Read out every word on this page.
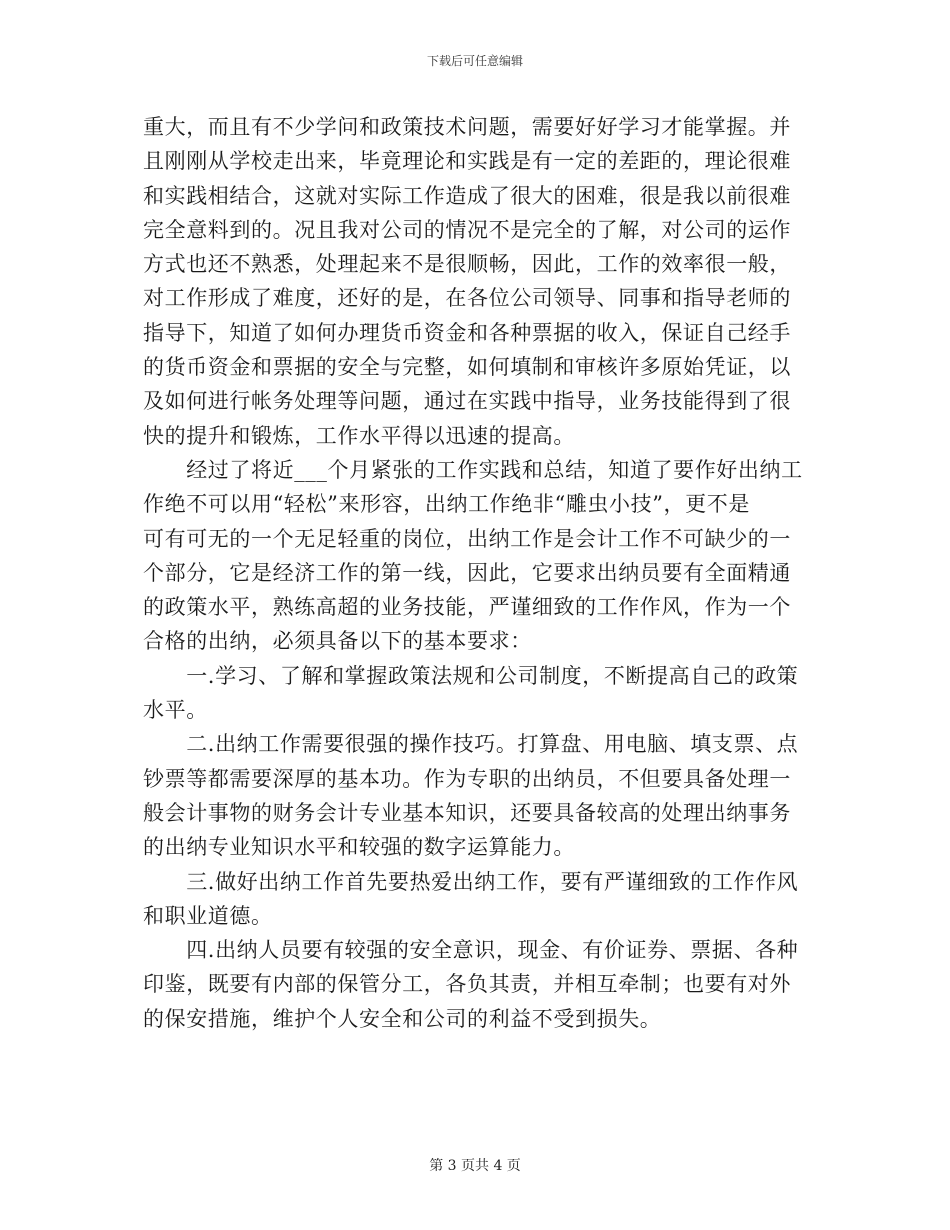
下载后可任意编辑
重大，而且有不少学问和政策技术问题，需要好好学习才能掌握。并
且刚刚从学校走出来，毕竟理论和实践是有一定的差距的，理论很难
和实践相结合，这就对实际工作造成了很大的困难，很是我以前很难
完全意料到的。况且我对公司的情况不是完全的了解，对公司的运作
方式也还不熟悉，处理起来不是很顺畅，因此，工作的效率很一般，
对工作形成了难度，还好的是，在各位公司领导、同事和指导老师的
指导下，知道了如何办理货币资金和各种票据的收入，保证自己经手
的货币资金和票据的安全与完整，如何填制和审核许多原始凭证，以
及如何进行帐务处理等问题，通过在实践中指导，业务技能得到了很
快的提升和锻炼，工作水平得以迅速的提高。
　　经过了将近___个月紧张的工作实践和总结，知道了要作好出纳工
作绝不可以用“轻松”来形容，出纳工作绝非“雕虫小技”，更不是
可有可无的一个无足轻重的岗位，出纳工作是会计工作不可缺少的一
个部分，它是经济工作的第一线，因此，它要求出纳员要有全面精通
的政策水平，熟练高超的业务技能，严谨细致的工作作风，作为一个
合格的出纳，必须具备以下的基本要求：
　　一.学习、了解和掌握政策法规和公司制度，不断提高自己的政策
水平。
　　二.出纳工作需要很强的操作技巧。打算盘、用电脑、填支票、点
钞票等都需要深厚的基本功。作为专职的出纳员，不但要具备处理一
般会计事物的财务会计专业基本知识，还要具备较高的处理出纳事务
的出纳专业知识水平和较强的数字运算能力。
　　三.做好出纳工作首先要热爱出纳工作，要有严谨细致的工作作风
和职业道德。
　　四.出纳人员要有较强的安全意识，现金、有价证券、票据、各种
印鉴，既要有内部的保管分工，各负其责，并相互牵制；也要有对外
的保安措施，维护个人安全和公司的利益不受到损失。
第 3 页共 4 页
